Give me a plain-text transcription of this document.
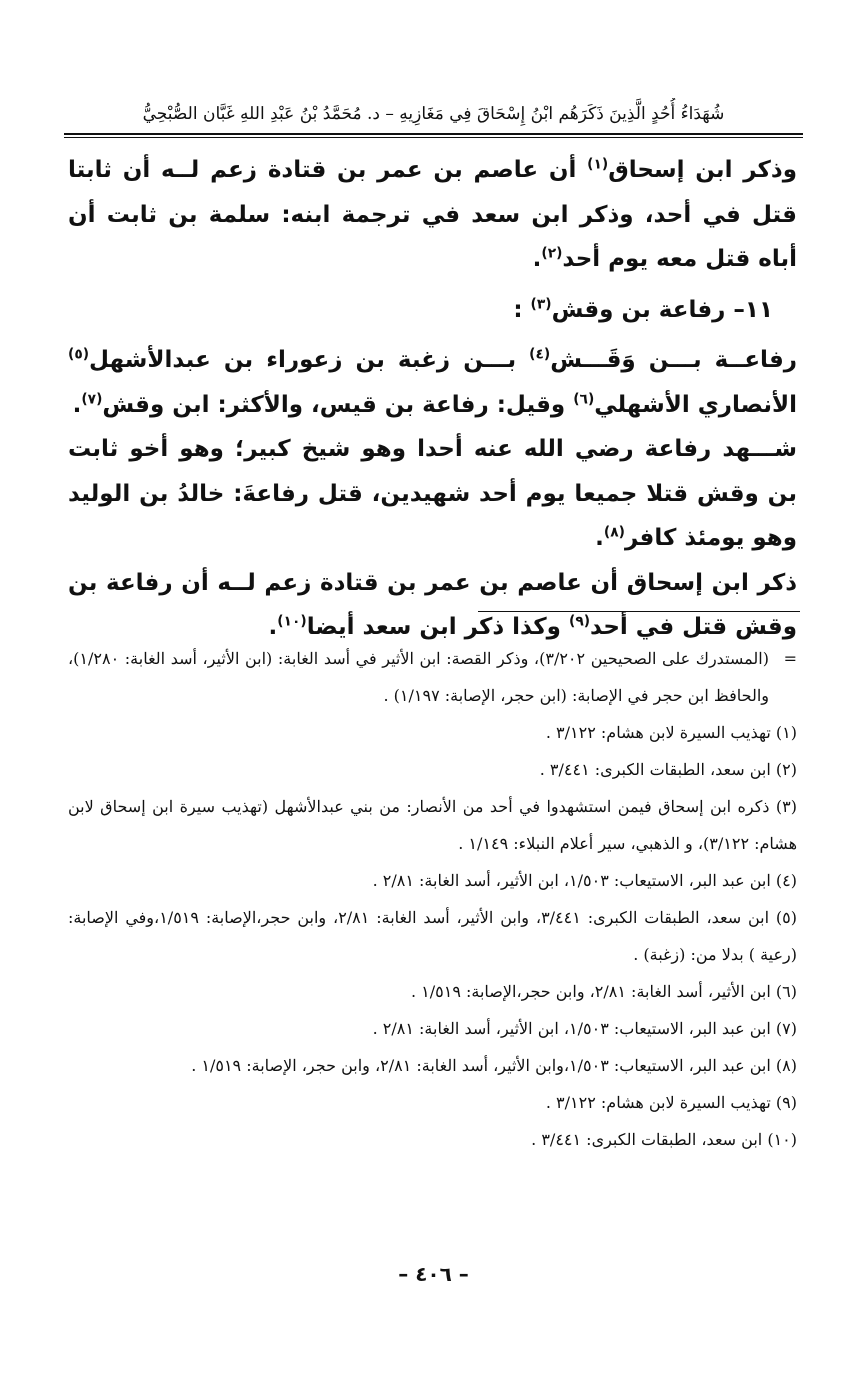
شُهَدَاءُ أُحُدٍ الَّذِينَ ذَكَرَهُم ابْنُ إِسْحَاقَ فِي مَغَازِيهِ – د. مُحَمَّدُ بْنُ عَبْدِ اللهِ غَبَّان الصُّبْحِيُّ

وذكر ابن إسحاق$^{(١)}$ أن عاصم بن عمر بن قتادة زعم لــه أن ثابتا قتل في أحد، وذكر ابن سعد في ترجمة ابنه: سلمة بن ثابت أن أباه قتل معه يوم أحد$^{(٢)}$.

١١– رفاعة بن وقش$^{(٣)}$ :

رفاعــة بـــن وَقَـــش$^{(٤)}$ بـــن زغبة بن زعوراء بن عبدالأشهل$^{(٥)}$ الأنصاري الأشهلي$^{(٦)}$ وقيل: رفاعة بن قيس، والأكثر: ابن وقش$^{(٧)}$.

شـــهد رفاعة رضي الله عنه أحدا وهو شيخ كبير؛ وهو أخو ثابت بن وقش قتلا جميعا يوم أحد شهيدين، قتل رفاعةَ: خالدُ بن الوليد وهو يومئذ كافر$^{(٨)}$.

ذكر ابن إسحاق أن عاصم بن عمر بن قتادة زعم لــه أن رفاعة بن وقش قتل في أحد$^{(٩)}$ وكذا ذكر ابن سعد أيضا$^{(١٠)}$.

=(المستدرك على الصحيحين ٣/٢٠٢)، وذكر القصة: ابن الأثير في أسد الغابة: (ابن الأثير، أسد الغابة: ١/٢٨٠)، والحافظ ابن حجر في الإصابة: (ابن حجر، الإصابة: ١/١٩٧) .

(١) تهذيب السيرة لابن هشام: ٣/١٢٢ .

(٢) ابن سعد، الطبقات الكبرى: ٣/٤٤١ .

(٣) ذكره ابن إسحاق فيمن استشهدوا في أحد من الأنصار: من بني عبدالأشهل (تهذيب سيرة ابن إسحاق لابن هشام: ٣/١٢٢)، و الذهبي، سير أعلام النبلاء: ١/١٤٩ .

(٤) ابن عبد البر، الاستيعاب: ١/٥٠٣، ابن الأثير، أسد الغابة: ٢/٨١ .

(٥) ابن سعد، الطبقات الكبرى: ٣/٤٤١، وابن الأثير، أسد الغابة: ٢/٨١، وابن حجر،الإصابة: ١/٥١٩،وفي الإصابة: (رعية ) بدلا من: (زغبة) .

(٦) ابن الأثير، أسد الغابة: ٢/٨١، وابن حجر،الإصابة: ١/٥١٩ .

(٧) ابن عبد البر، الاستيعاب: ١/٥٠٣، ابن الأثير، أسد الغابة: ٢/٨١ .

(٨) ابن عبد البر، الاستيعاب: ١/٥٠٣،وابن الأثير، أسد الغابة: ٢/٨١، وابن حجر، الإصابة: ١/٥١٩ .

(٩) تهذيب السيرة لابن هشام: ٣/١٢٢ .

(١٠) ابن سعد، الطبقات الكبرى: ٣/٤٤١ .

– ٤٠٦ –
